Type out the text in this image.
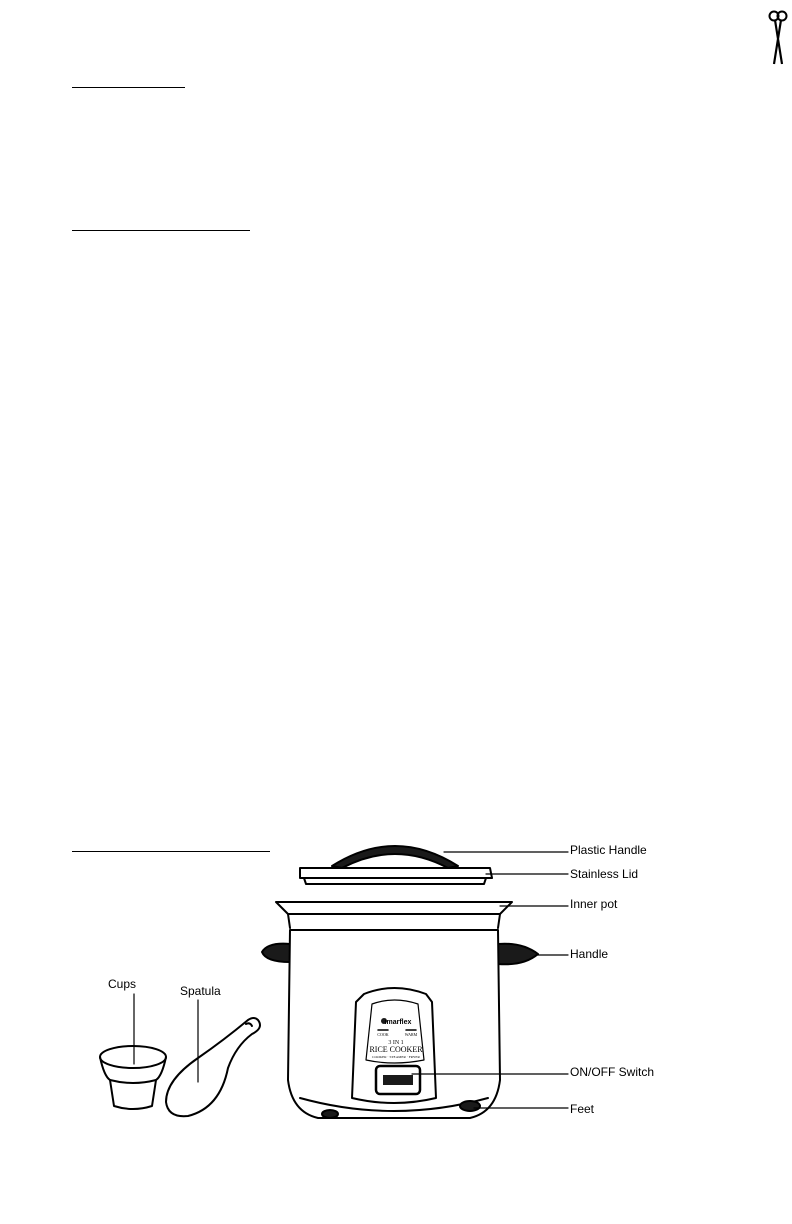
imarflex
COOK	WARM
3 IN 1
RICE COOKER
COOKER · STEAMER · FRYER
Plastic Handle
Stainless Lid
Inner pot
Handle
ON/OFF Switch
Feet
Cups	Spatula
